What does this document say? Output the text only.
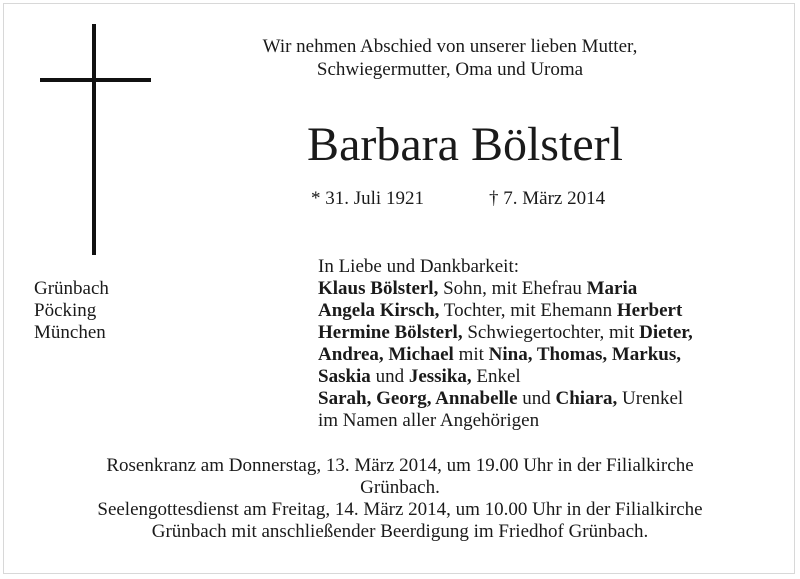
Wir nehmen Abschied von unserer lieben Mutter,
Schwiegermutter, Oma und Uroma
Barbara Bölsterl
* 31. Juli 1921	† 7. März 2014
Grünbach
Pöcking
München
In Liebe und Dankbarkeit:
Klaus Bölsterl, Sohn, mit Ehefrau Maria
Angela Kirsch, Tochter, mit Ehemann Herbert
Hermine Bölsterl, Schwiegertochter, mit Dieter,
Andrea, Michael mit Nina, Thomas, Markus,
Saskia und Jessika, Enkel
Sarah, Georg, Annabelle und Chiara, Urenkel
im Namen aller Angehörigen
Rosenkranz am Donnerstag, 13. März 2014, um 19.00 Uhr in der Filialkirche
Grünbach.
Seelengottesdienst am Freitag, 14. März 2014, um 10.00 Uhr in der Filialkirche
Grünbach mit anschließender Beerdigung im Friedhof Grünbach.
